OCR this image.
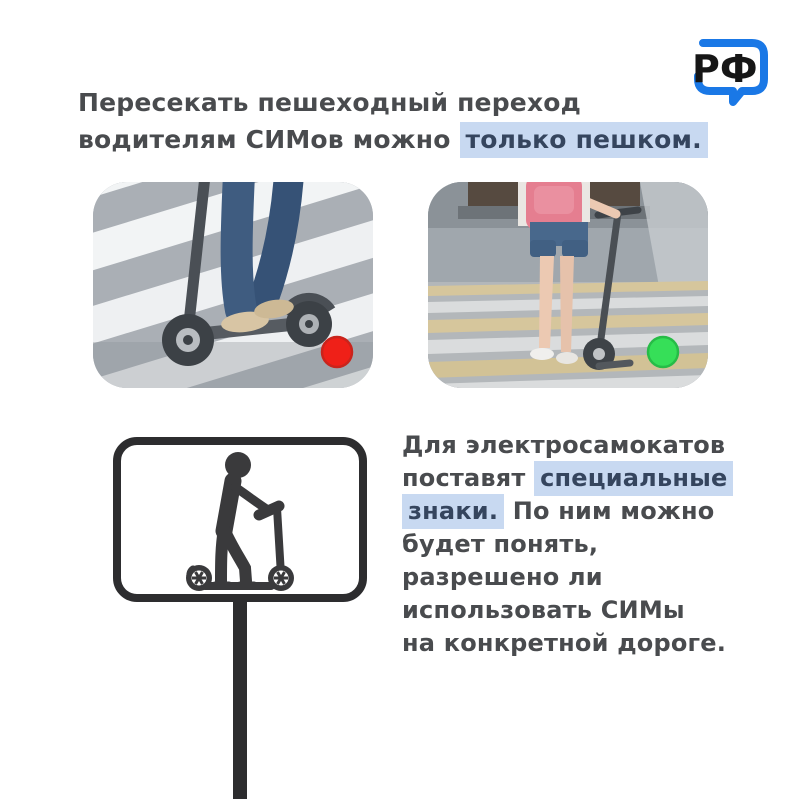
РФ
Пересекать пешеходный переход
водителям СИМов можно только пешком.
Для электросамокатов
поставят специальные
знаки. По ним можно
будет понять,
разрешено ли
использовать СИМы
на конкретной дороге.
